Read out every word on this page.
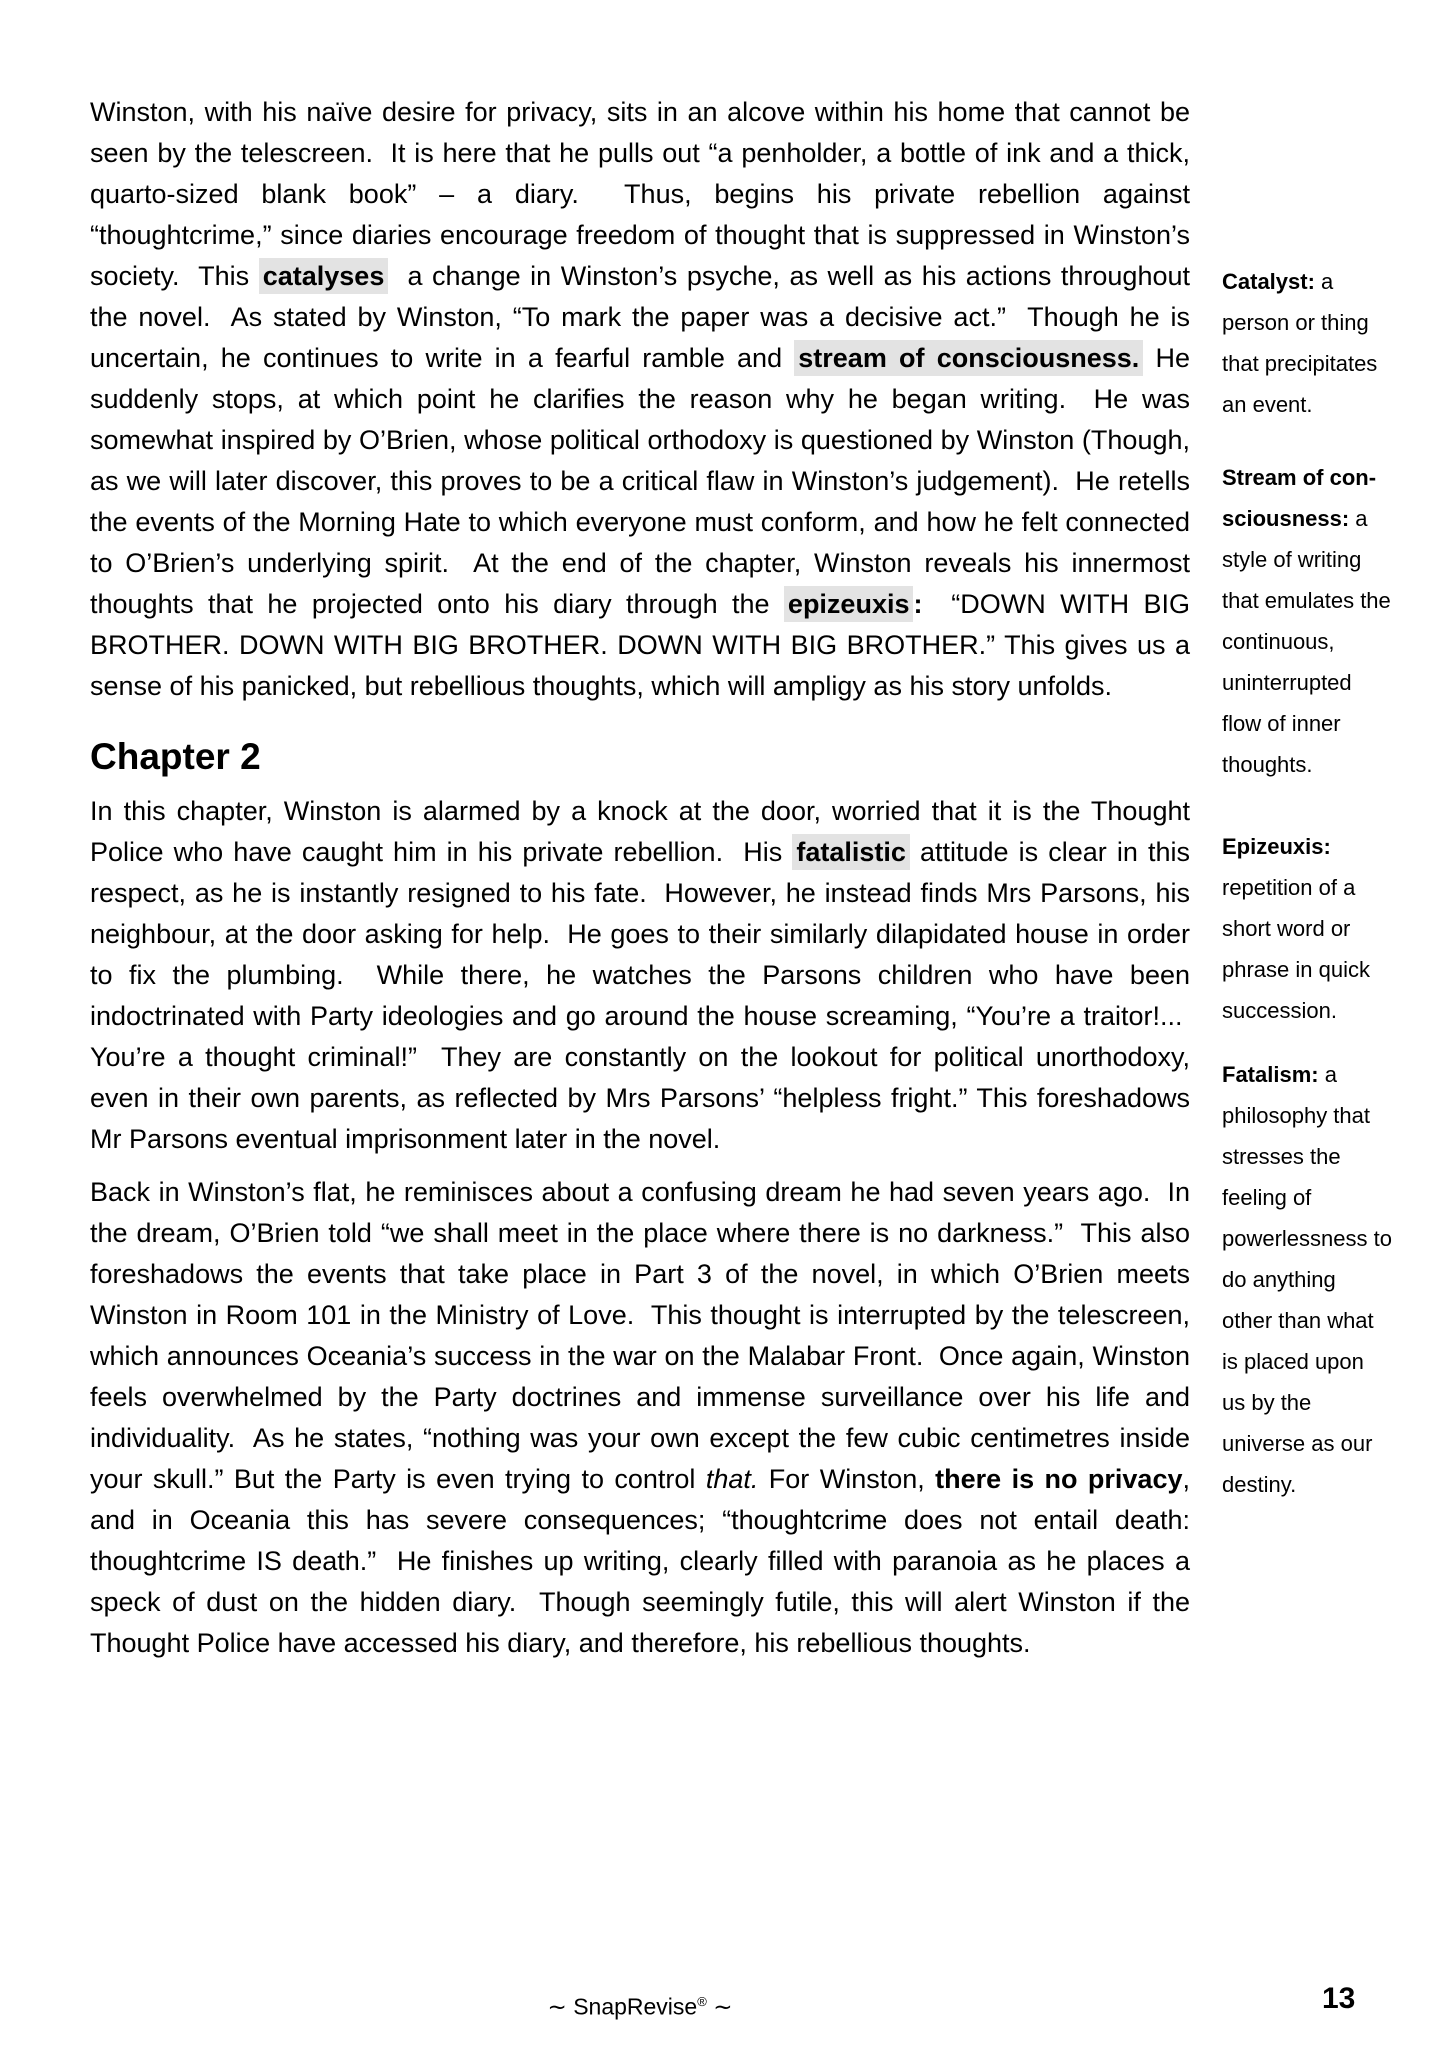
Winston, with his naïve desire for privacy, sits in an alcove within his home that cannot be seen by the telescreen.  It is here that he pulls out “a penholder, a bottle of ink and a thick, quarto-sized blank book” – a diary.  Thus, begins his private rebellion against “thoughtcrime,” since diaries encourage freedom of thought that is suppressed in Winston’s society.  This catalyses  a change in Winston’s psyche, as well as his actions throughout the novel.  As stated by Winston, “To mark the paper was a decisive act.”  Though he is uncertain, he continues to write in a fearful ramble and stream of consciousness. He suddenly stops, at which point he clarifies the reason why he began writing.  He was somewhat inspired by O’Brien, whose political orthodoxy is questioned by Winston (Though, as we will later discover, this proves to be a critical flaw in Winston’s judgement).  He retells the events of the Morning Hate to which everyone must conform, and how he felt connected to O’Brien’s underlying spirit.  At the end of the chapter, Winston reveals his innermost thoughts that he projected onto his diary through the epizeuxis :  “DOWN WITH BIG BROTHER. DOWN WITH BIG BROTHER. DOWN WITH BIG BROTHER.” This gives us a sense of his panicked, but rebellious thoughts, which will ampligy as his story unfolds.

Chapter 2

In this chapter, Winston is alarmed by a knock at the door, worried that it is the Thought Police who have caught him in his private rebellion.  His fatalistic attitude is clear in this respect, as he is instantly resigned to his fate.  However, he instead finds Mrs Parsons, his neighbour, at the door asking for help.  He goes to their similarly dilapidated house in order to fix the plumbing.  While there, he watches the Parsons children who have been indoctrinated with Party ideologies and go around the house screaming, “You’re a traitor!...  You’re a thought criminal!”  They are constantly on the lookout for political unorthodoxy, even in their own parents, as reflected by Mrs Parsons’ “helpless fright.” This foreshadows Mr Parsons eventual imprisonment later in the novel.

Back in Winston’s flat, he reminisces about a confusing dream he had seven years ago.  In the dream, O’Brien told “we shall meet in the place where there is no darkness.”  This also foreshadows the events that take place in Part 3 of the novel, in which O’Brien meets Winston in Room 101 in the Ministry of Love.  This thought is interrupted by the telescreen, which announces Oceania’s success in the war on the Malabar Front.  Once again, Winston feels overwhelmed by the Party doctrines and immense surveillance over his life and individuality.  As he states, “nothing was your own except the few cubic centimetres inside your skull.” But the Party is even trying to control that. For Winston, there is no privacy, and in Oceania this has severe consequences; “thoughtcrime does not entail death: thoughtcrime IS death.”  He finishes up writing, clearly filled with paranoia as he places a speck of dust on the hidden diary.  Though seemingly futile, this will alert Winston if the Thought Police have accessed his diary, and therefore, his rebellious thoughts.

Catalyst: a person or thing that precipitates an event.
Stream of con-sciousness: a style of writing that emulates the continuous, uninterrupted flow of inner thoughts.
Epizeuxis: repetition of a short word or phrase in quick succession.
Fatalism: a philosophy that stresses the feeling of powerlessness to do anything other than what is placed upon us by the universe as our destiny.
∼ SnapRevise® ∼	13
